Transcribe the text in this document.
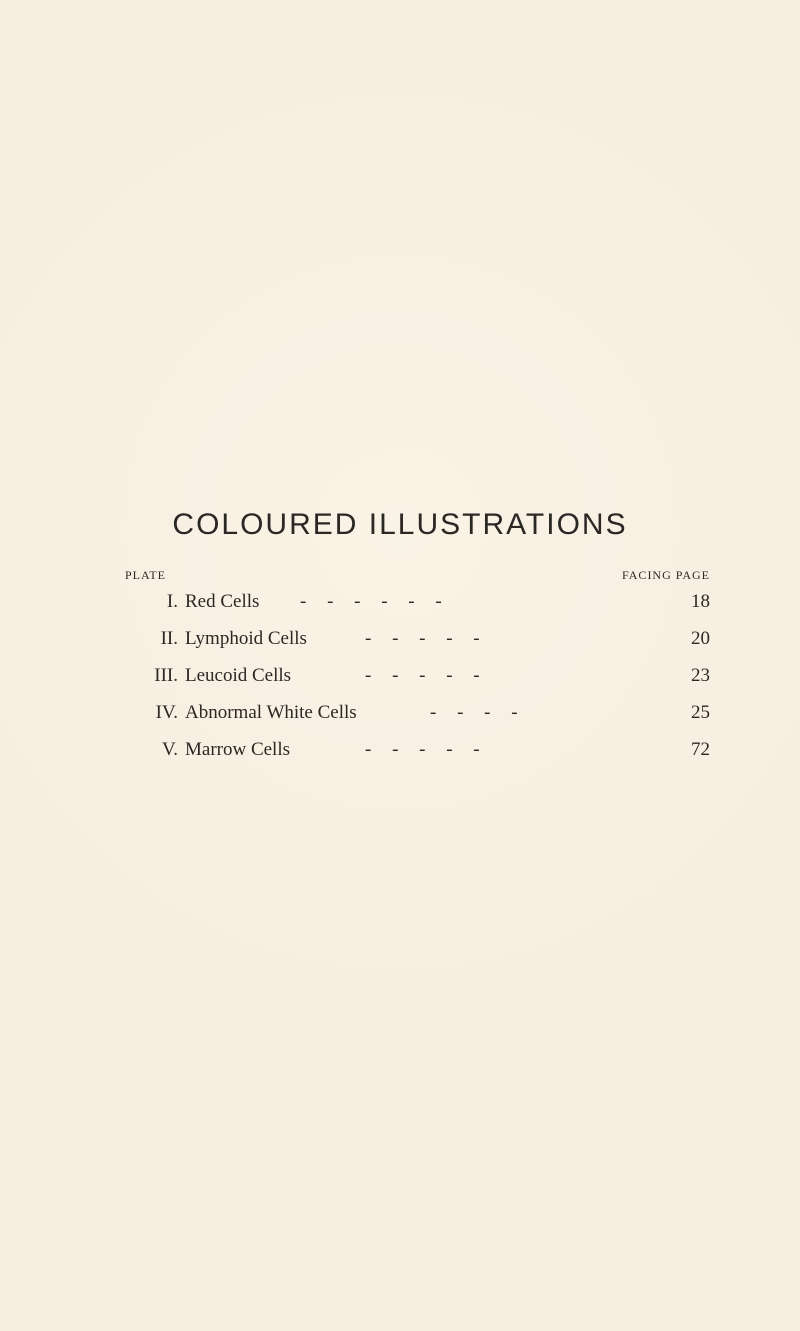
COLOURED ILLUSTRATIONS
PLATE	FACING PAGE
I. Red Cells - - - - - -	18
II. Lymphoid Cells	- - - - -	20
III. Leucoid Cells	- - - - -	23
IV. Abnormal White Cells	- - - -	25
V. Marrow Cells	- - - - -	72
